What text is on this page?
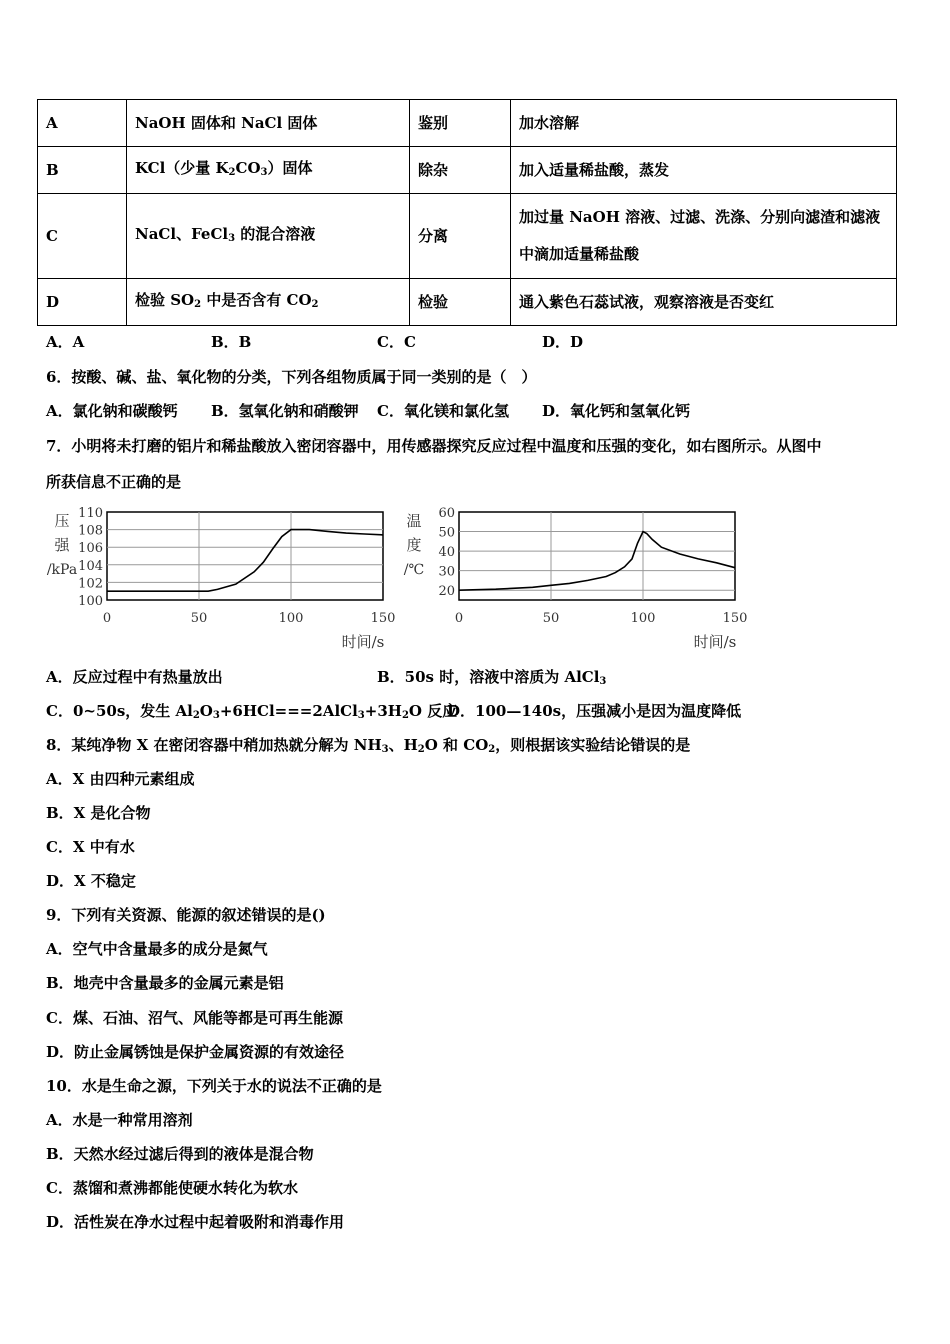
A	NaOH 固体和 NaCl 固体	鉴别	加水溶解
B	KCl（少量 $K_2CO_3$）固体	除杂	加入适量稀盐酸，蒸发
C	NaCl、FeCl$_3$ 的混合溶液	分离	加过量 NaOH 溶液、过滤、洗涤、分别向滤渣和滤液
中滴加适量稀盐酸

D	检验 $SO_2$ 中是否含有 $CO_2$	检验	通入紫色石蕊试液，观察溶液是否变红
A．A	B．B	C．C	D．D
6．按酸、碱、盐、氧化物的分类，下列各组物质属于同一类别的是（　）
A．氯化钠和碳酸钙 B．氢氧化钠和硝酸钾 C．氧化镁和氯化氢 D．氧化钙和氢氧化钙
7．小明将未打磨的铝片和稀盐酸放入密闭容器中，用传感器探究反应过程中温度和压强的变化，如右图所示。从图中
所获信息不正确的是
0	50	100	150
100
102
104
106
108
110
压
强
/kPa
时间/s
0	50	100	150
20
30
40
50
60
温
度
/℃
时间/s
A．反应过程中有热量放出	B．50s 时，溶液中溶质为 AlCl$_3$
C．0~50s，发生 $Al_2O_3+6HCl===2AlCl_3+3H_2O$ 反应
D．100—140s，压强减小是因为温度降低
8．某纯净物 X 在密闭容器中稍加热就分解为 $NH_3$、$H_2O$ 和 $CO_2$，则根据该实验结论错误的是
A．X 由四种元素组成
B．X 是化合物
C．X 中有水
D．X 不稳定
9．下列有关资源、能源的叙述错误的是()
A．空气中含量最多的成分是氮气
B．地壳中含量最多的金属元素是铝
C．煤、石油、沼气、风能等都是可再生能源
D．防止金属锈蚀是保护金属资源的有效途径
10．水是生命之源，下列关于水的说法不正确的是
A．水是一种常用溶剂
B．天然水经过滤后得到的液体是混合物
C．蒸馏和煮沸都能使硬水转化为软水
D．活性炭在净水过程中起着吸附和消毒作用
